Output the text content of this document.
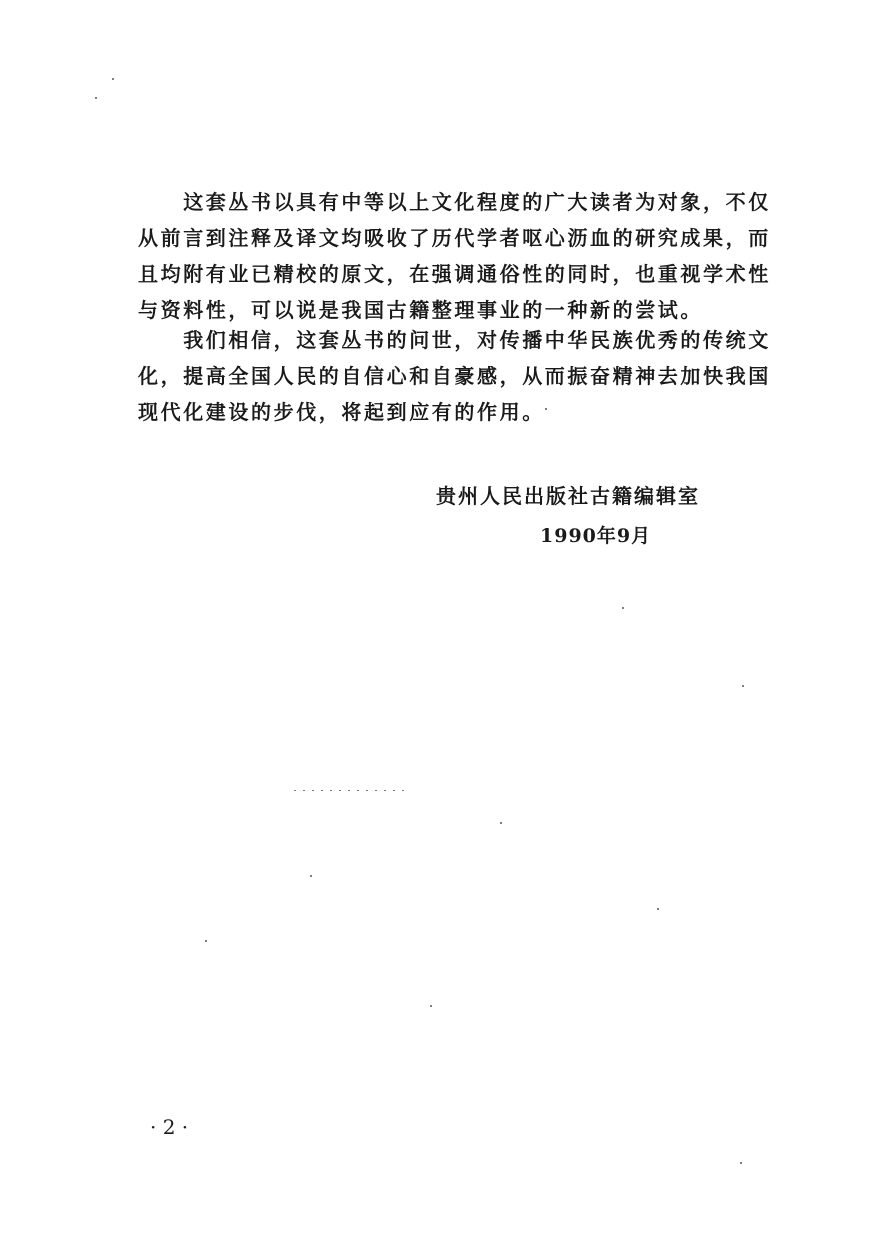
　　这套丛书以具有中等以上文化程度的广大读者为对象，不仅
从前言到注释及译文均吸收了历代学者呕心沥血的研究成果，而
且均附有业已精校的原文，在强调通俗性的同时，也重视学术性
与资料性，可以说是我国古籍整理事业的一种新的尝试。
　　我们相信，这套丛书的问世，对传播中华民族优秀的传统文
化，提高全国人民的自信心和自豪感，从而振奋精神去加快我国
现代化建设的步伐，将起到应有的作用。
贵州人民出版社古籍编辑室
1990年9月
· 2 ·
